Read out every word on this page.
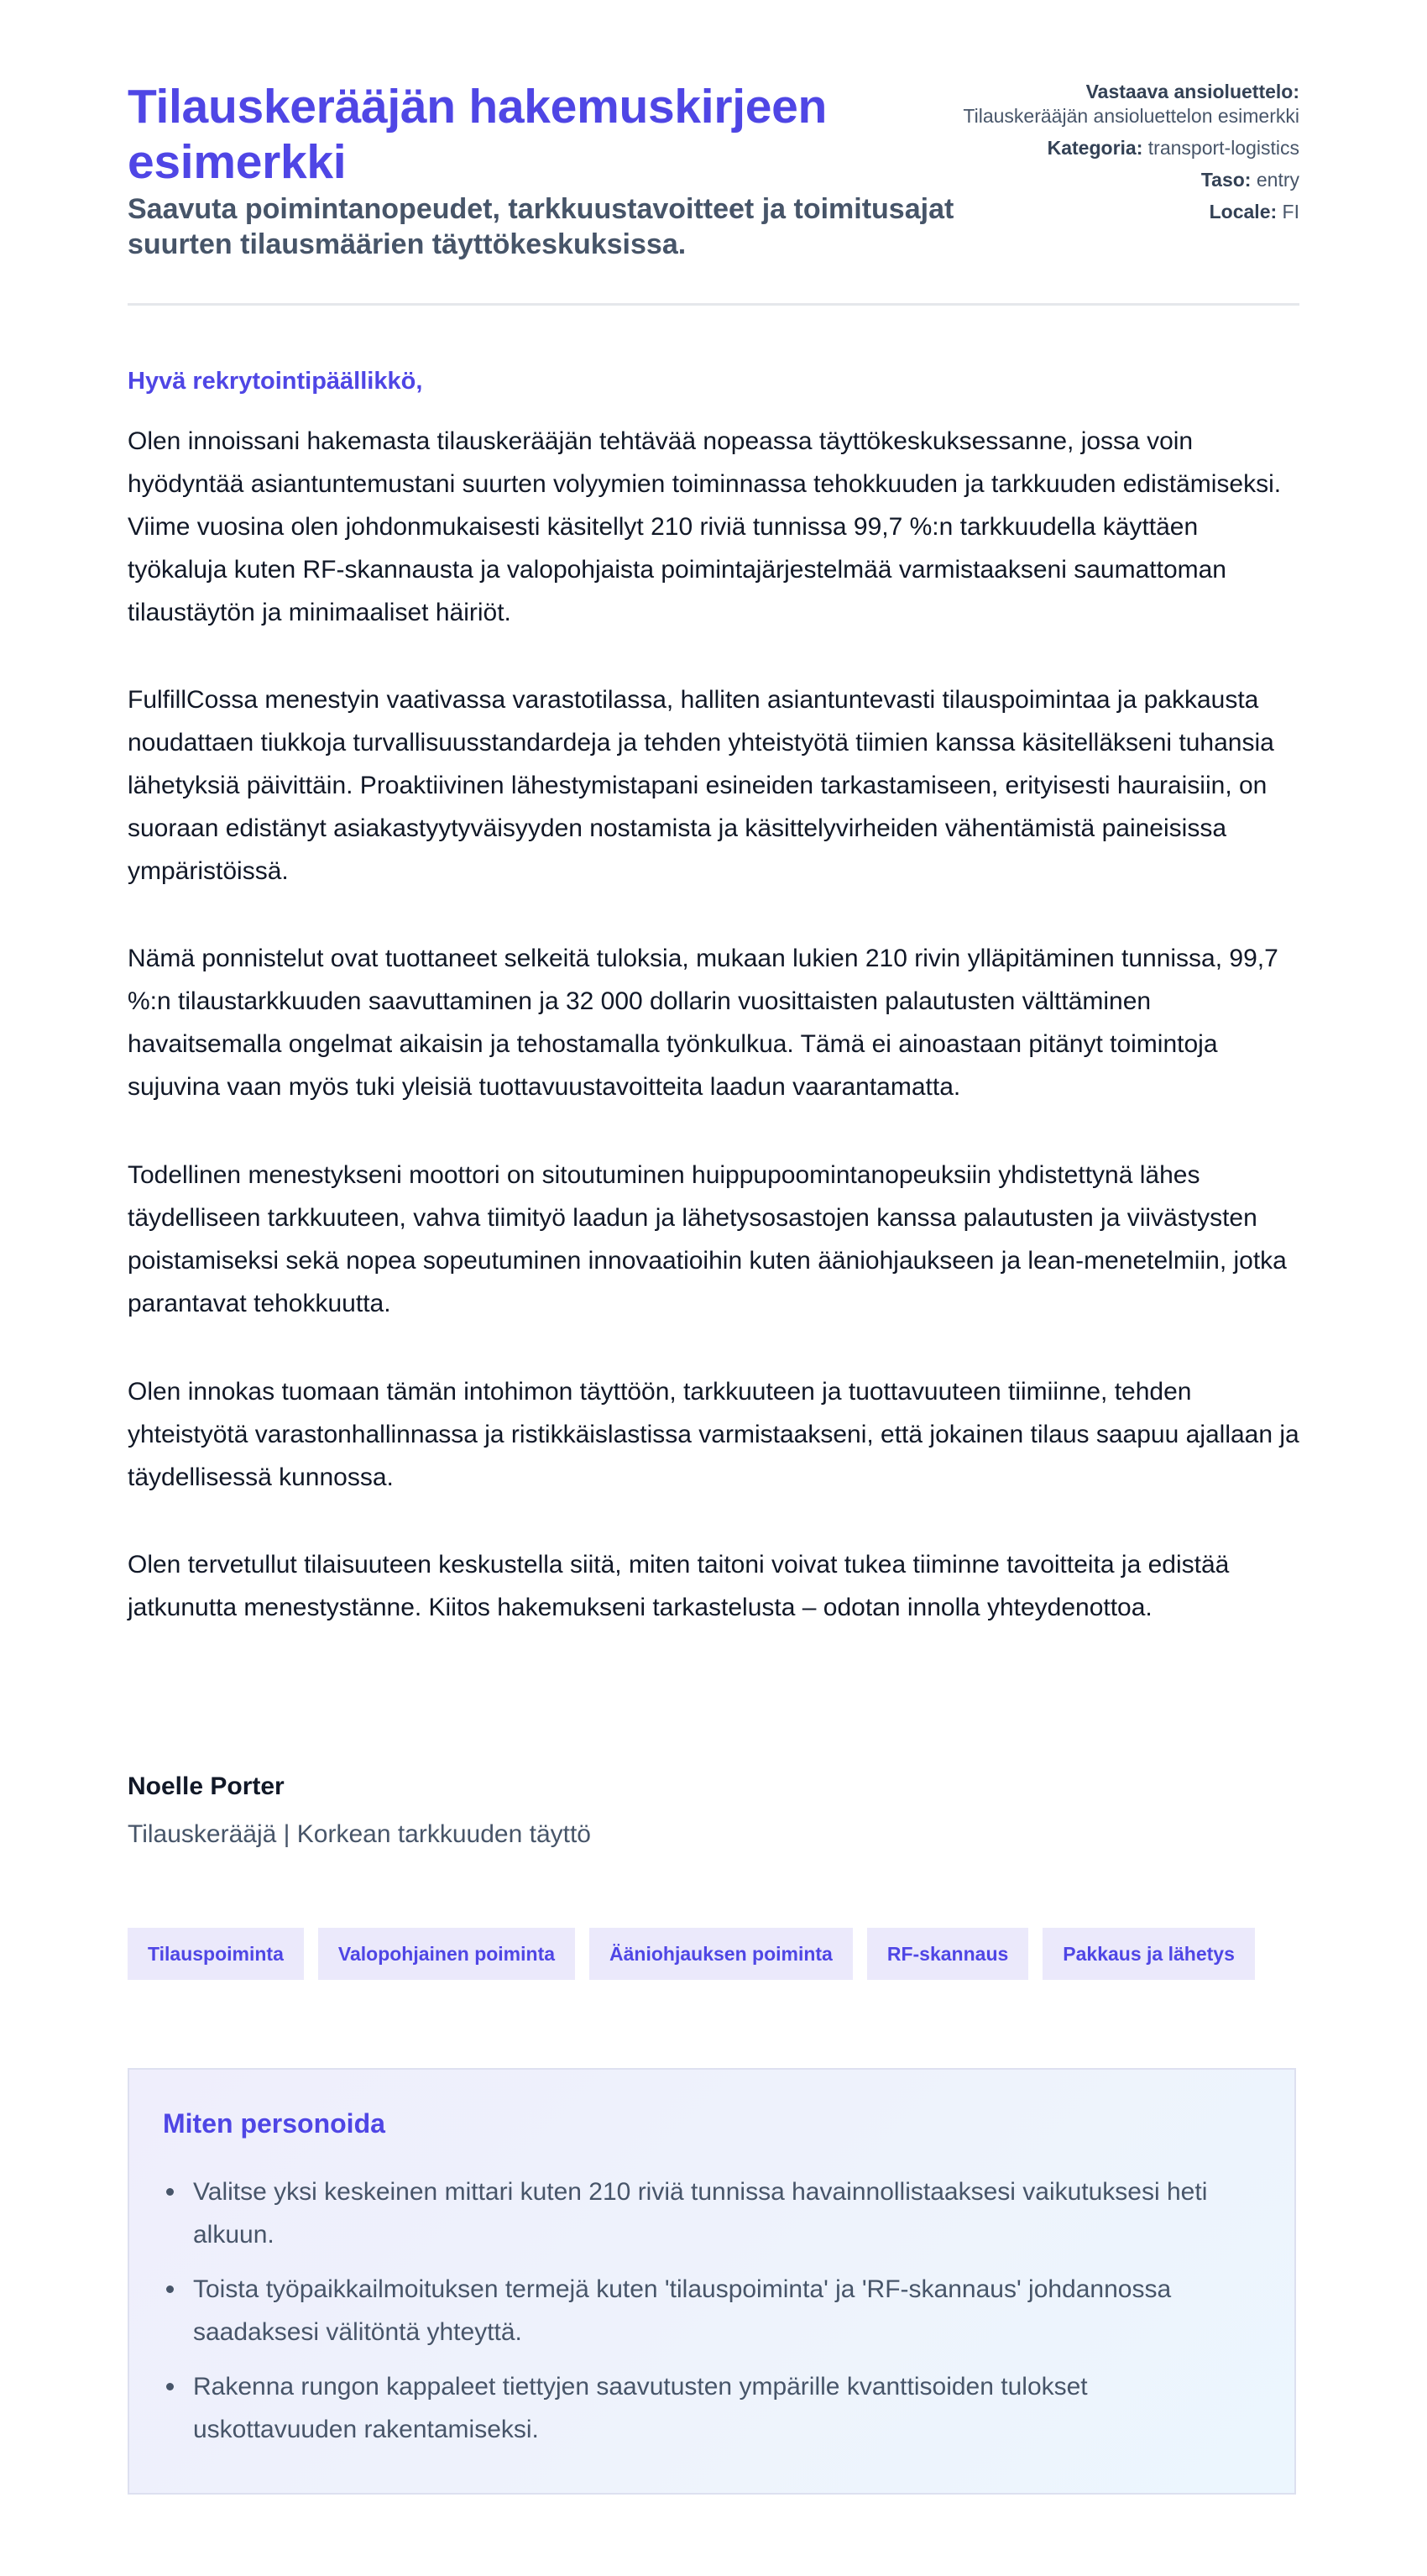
Tilauskerääjän hakemuskirjeen esimerkki

Saavuta poimintanopeudet, tarkkuustavoitteet ja toimitusajat suurten tilausmäärien täyttökeskuksissa.

Vastaava ansioluettelo:
Tilauskerääjän ansioluettelon esimerkki
Kategoria: transport-logistics
Taso: entry
Locale: FI

Hyvä rekrytointipäällikkö,

Olen innoissani hakemasta tilauskerääjän tehtävää nopeassa täyttökeskuksessanne, jossa voin hyödyntää asiantuntemustani suurten volyymien toiminnassa tehokkuuden ja tarkkuuden edistämiseksi. Viime vuosina olen johdonmukaisesti käsitellyt 210 riviä tunnissa 99,7 %:n tarkkuudella käyttäen työkaluja kuten RF-skannausta ja valopohjaista poimintajärjestelmää varmistaakseni saumattoman tilaustäytön ja minimaaliset häiriöt.

FulfillCossa menestyin vaativassa varastotilassa, halliten asiantuntevasti tilauspoimintaa ja pakkausta noudattaen tiukkoja turvallisuusstandardeja ja tehden yhteistyötä tiimien kanssa käsitelläkseni tuhansia lähetyksiä päivittäin. Proaktiivinen lähestymistapani esineiden tarkastamiseen, erityisesti hauraisiin, on suoraan edistänyt asiakastyytyväisyyden nostamista ja käsittelyvirheiden vähentämistä paineisissa ympäristöissä.

Nämä ponnistelut ovat tuottaneet selkeitä tuloksia, mukaan lukien 210 rivin ylläpitäminen tunnissa, 99,7 %:n tilaustarkkuuden saavuttaminen ja 32 000 dollarin vuosittaisten palautusten välttäminen havaitsemalla ongelmat aikaisin ja tehostamalla työnkulkua. Tämä ei ainoastaan pitänyt toimintoja sujuvina vaan myös tuki yleisiä tuottavuustavoitteita laadun vaarantamatta.

Todellinen menestykseni moottori on sitoutuminen huippupoomintanopeuksiin yhdistettynä lähes täydelliseen tarkkuuteen, vahva tiimityö laadun ja lähetysosastojen kanssa palautusten ja viivästysten poistamiseksi sekä nopea sopeutuminen innovaatioihin kuten ääniohjaukseen ja lean-menetelmiin, jotka parantavat tehokkuutta.

Olen innokas tuomaan tämän intohimon täyttöön, tarkkuuteen ja tuottavuuteen tiimiinne, tehden yhteistyötä varastonhallinnassa ja ristikkäislastissa varmistaakseni, että jokainen tilaus saapuu ajallaan ja täydellisessä kunnossa.

Olen tervetullut tilaisuuteen keskustella siitä, miten taitoni voivat tukea tiiminne tavoitteita ja edistää jatkunutta menestystänne. Kiitos hakemukseni tarkastelusta – odotan innolla yhteydenottoa.

Noelle Porter

Tilauskerääjä | Korkean tarkkuuden täyttö

Tilauspoiminta	Valopohjainen poiminta	Ääniohjauksen poiminta	RF-skannaus	Pakkaus ja lähetys
Miten personoida
Valitse yksi keskeinen mittari kuten 210 riviä tunnissa havainnollistaaksesi vaikutuksesi heti alkuun.
Toista työpaikkailmoituksen termejä kuten 'tilauspoiminta' ja 'RF-skannaus' johdannossa saadaksesi välitöntä yhteyttä.
Rakenna rungon kappaleet tiettyjen saavutusten ympärille kvanttisoiden tulokset uskottavuuden rakentamiseksi.
